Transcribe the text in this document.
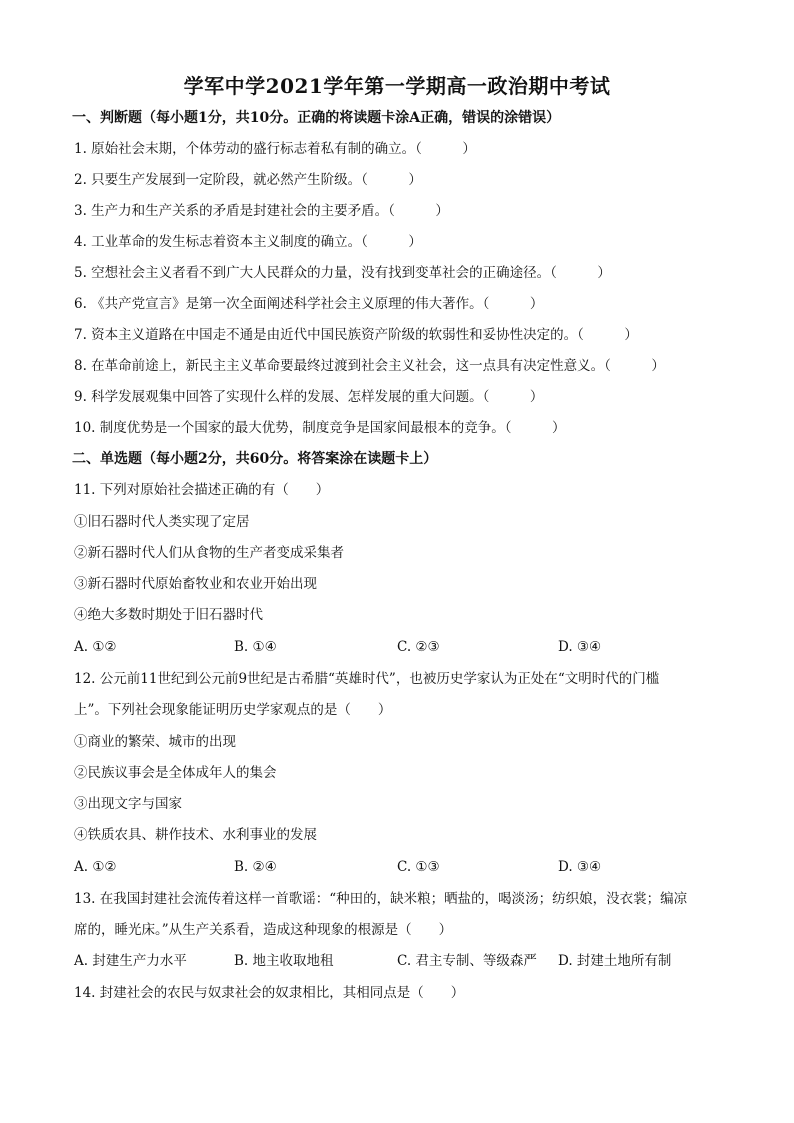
学军中学2021学年第一学期高一政治期中考试
一、判断题（每小题1分，共10分。正确的将读题卡涂A正确，错误的涂错误）
1. 原始社会末期，个体劳动的盛行标志着私有制的确立。（　　　）
2. 只要生产发展到一定阶段，就必然产生阶级。（　　　）
3. 生产力和生产关系的矛盾是封建社会的主要矛盾。（　　　）
4. 工业革命的发生标志着资本主义制度的确立。（　　　）
5. 空想社会主义者看不到广大人民群众的力量，没有找到变革社会的正确途径。（　　　）
6. 《共产党宣言》是第一次全面阐述科学社会主义原理的伟大著作。（　　　）
7. 资本主义道路在中国走不通是由近代中国民族资产阶级的软弱性和妥协性决定的。（　　　）
8. 在革命前途上，新民主主义革命要最终过渡到社会主义社会，这一点具有决定性意义。（　　　）
9. 科学发展观集中回答了实现什么样的发展、怎样发展的重大问题。（　　　）
10. 制度优势是一个国家的最大优势，制度竞争是国家间最根本的竞争。（　　　）
二、单选题（每小题2分，共60分。将答案涂在读题卡上）
11. 下列对原始社会描述正确的有（　　）
①旧石器时代人类实现了定居
②新石器时代人们从食物的生产者变成采集者
③新石器时代原始畜牧业和农业开始出现
④绝大多数时期处于旧石器时代
A. ①②	B. ①④	C. ②③	D. ③④
12. 公元前11世纪到公元前9世纪是古希腊“英雄时代”，也被历史学家认为正处在“文明时代的门槛
上”。下列社会现象能证明历史学家观点的是（　　）
①商业的繁荣、城市的出现
②民族议事会是全体成年人的集会
③出现文字与国家
④铁质农具、耕作技术、水利事业的发展
A. ①②	B. ②④	C. ①③	D. ③④
13. 在我国封建社会流传着这样一首歌谣：“种田的，缺米粮；晒盐的，喝淡汤；纺织娘，没衣裳；编凉
席的，睡光床。”从生产关系看，造成这种现象的根源是（　　）
A. 封建生产力水平	B. 地主收取地租	C. 君主专制、等级森严 D. 封建土地所有制
14. 封建社会的农民与奴隶社会的奴隶相比，其相同点是（　　）
